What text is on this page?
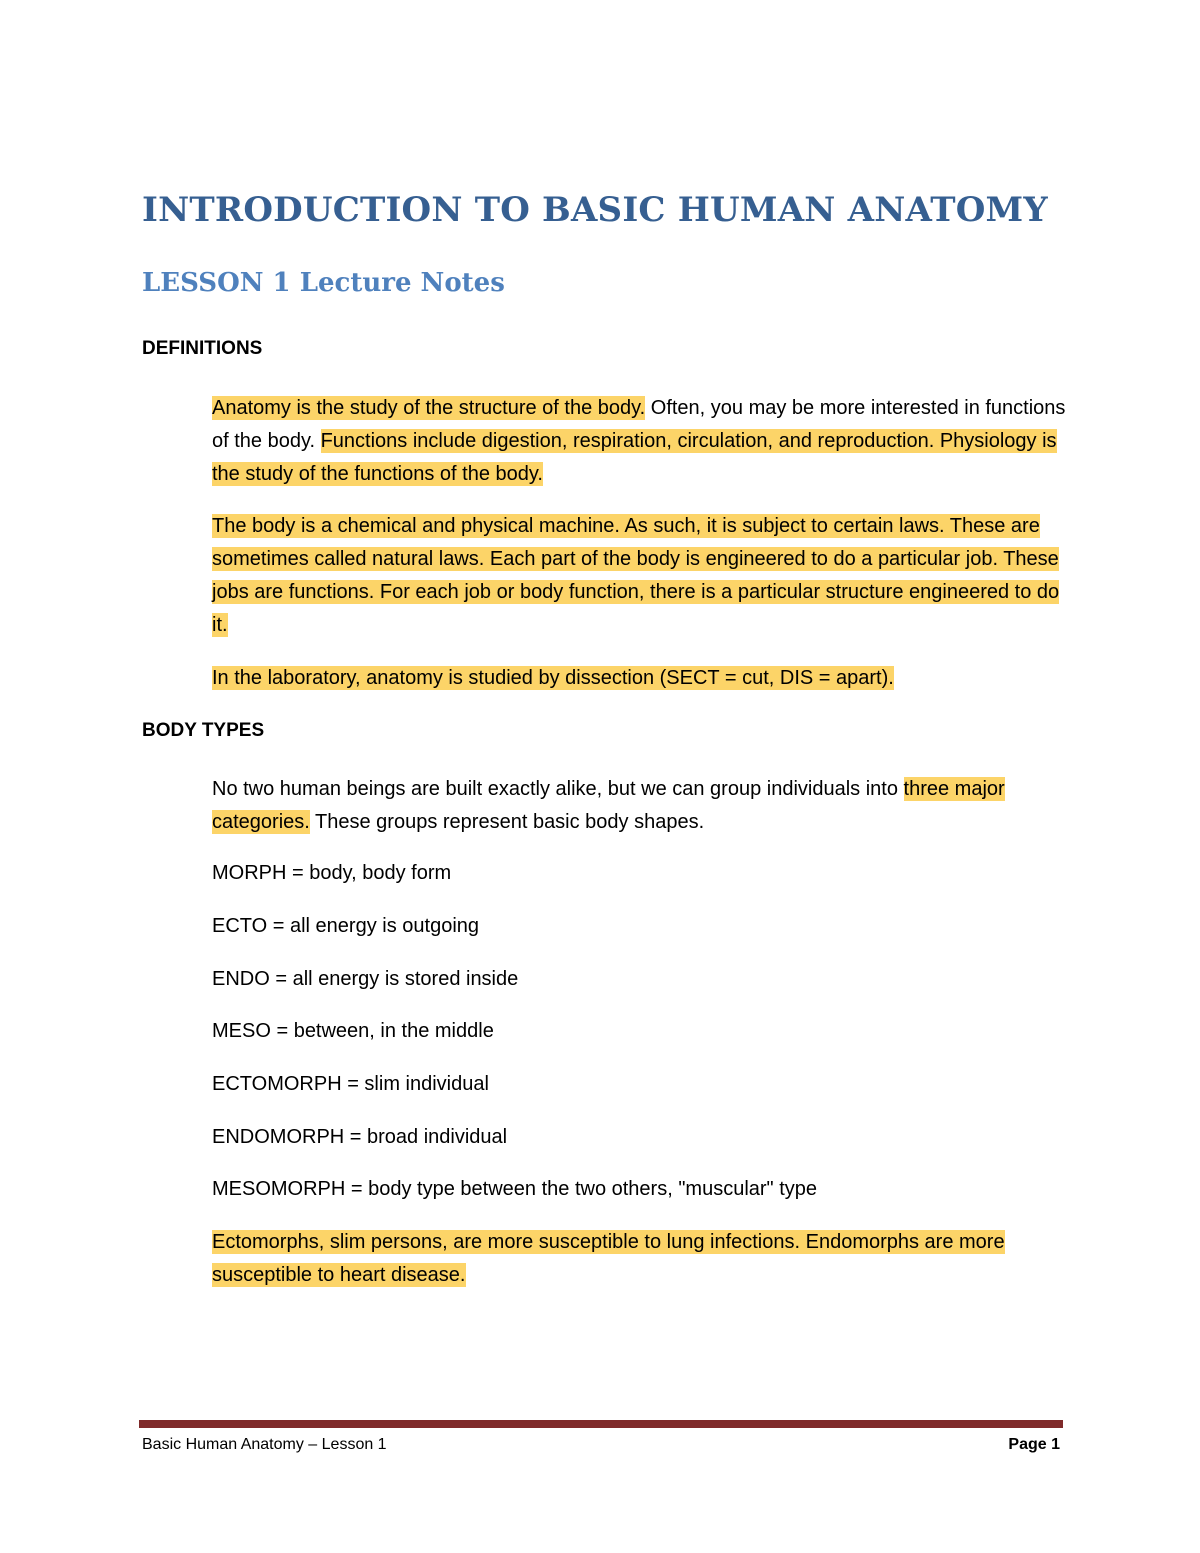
INTRODUCTION TO BASIC HUMAN ANATOMY
LESSON 1 Lecture Notes
DEFINITIONS

Anatomy is the study of the structure of the body. Often, you may be more interested in functions of the body. Functions include digestion, respiration, circulation, and reproduction. Physiology is the study of the functions of the body.

The body is a chemical and physical machine. As such, it is subject to certain laws. These are sometimes called natural laws. Each part of the body is engineered to do a particular job. These jobs are functions. For each job or body function, there is a particular structure engineered to do it.

In the laboratory, anatomy is studied by dissection (SECT = cut, DIS = apart).

BODY TYPES

No two human beings are built exactly alike, but we can group individuals into three major categories. These groups represent basic body shapes.

MORPH = body, body form

ECTO = all energy is outgoing

ENDO = all energy is stored inside

MESO = between, in the middle

ECTOMORPH = slim individual

ENDOMORPH = broad individual

MESOMORPH = body type between the two others, "muscular" type

Ectomorphs, slim persons, are more susceptible to lung infections. Endomorphs are more susceptible to heart disease.

Basic Human Anatomy – Lesson 1	Page 1
